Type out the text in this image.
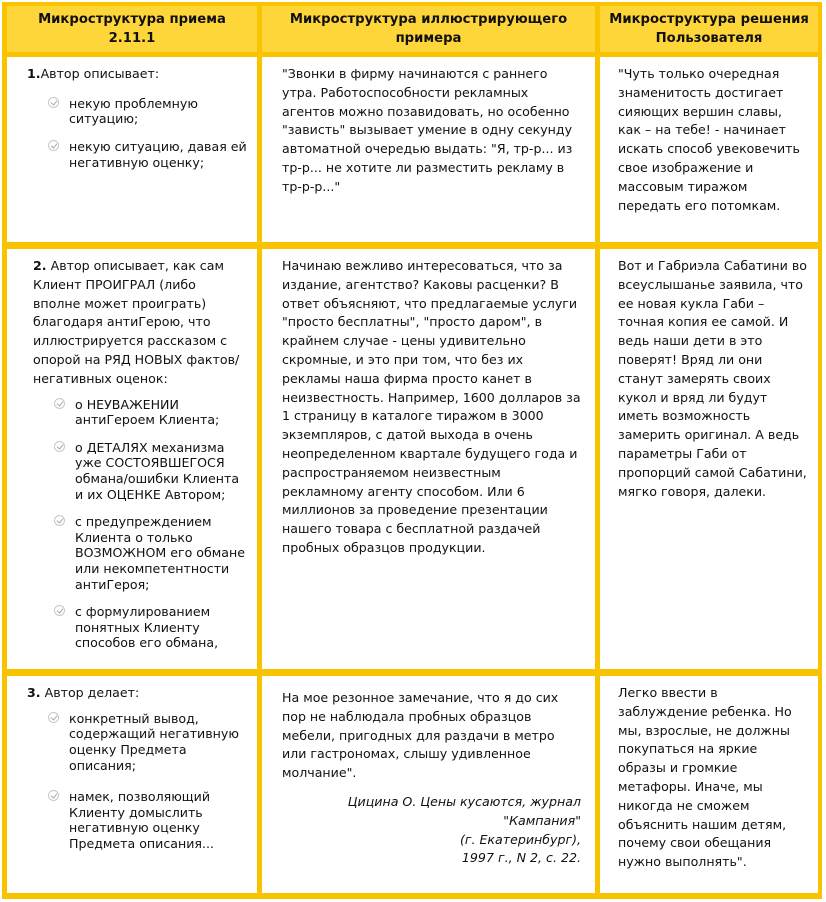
Микроструктура приема 2.11.1
Микроструктура иллюстрирующего примера
Микроструктура решения Пользователя

1.Автор описывает:

некую проблемную ситуацию;
некую ситуацию, давая ей негативную оценку;

"Звонки в фирму начинаются с раннего утра. Работоспособности рекламных агентов можно позавидовать, но особенно "зависть" вызывает умение в одну секунду автоматной очередью выдать: "Я, тр-р... из тр-р... не хотите ли разместить рекламу в тр-р-р..."

"Чуть только очередная знаменитость достигает сияющих вершин славы, как – на тебе! - начинает искать способ увековечить свое изображение и массовым тиражом передать его потомкам.

2. Автор описывает, как сам Клиент ПРОИГРАЛ (либо вполне может проиграть) благодаря антиГерою, что иллюстрируется рассказом с опорой на РЯД НОВЫХ фактов/негативных оценок:

о НЕУВАЖЕНИИ антиГероем Клиента;
о ДЕТАЛЯХ механизма уже СОСТОЯВШЕГОСЯ обмана/ошибки Клиента и их ОЦЕНКЕ Автором;
с предупреждением Клиента о только ВОЗМОЖНОМ его обмане или некомпетентности антиГероя;
с формулированием понятных Клиенту способов его обмана,

Начинаю вежливо интересоваться, что за издание, агентство? Каковы расценки? В ответ объясняют, что предлагаемые услуги "просто бесплатны", "просто даром", в крайнем случае - цены удивительно скромные, и это при том, что без их рекламы наша фирма просто канет в неизвестность. Например, 1600 долларов за 1 страницу в каталоге тиражом в 3000 экземпляров, с датой выхода в очень неопределенном квартале будущего года и распространяемом неизвестным рекламному агенту способом. Или 6 миллионов за проведение презентации нашего товара с бесплатной раздачей пробных образцов продукции.

Вот и Габриэла Сабатини во всеуслышанье заявила, что ее новая кукла Габи – точная копия ее самой. И ведь наши дети в это поверят! Вряд ли они станут замерять своих кукол и вряд ли будут иметь возможность замерить оригинал. А ведь параметры Габи от пропорций самой Сабатини, мягко говоря, далеки.

3. Автор делает:

конкретный вывод, содержащий негативную оценку Предмета описания;
намек, позволяющий Клиенту домыслить негативную оценку Предмета описания...

На мое резонное замечание, что я до сих пор не наблюдала пробных образцов мебели, пригодных для раздачи в метро или гастрономах, слышу удивленное молчание".

Цицина О. Цены кусаются, журнал "Кампания"
(г. Екатеринбург),
1997 г., N 2, с. 22.

Легко ввести в заблуждение ребенка. Но мы, взрослые, не должны покупаться на яркие образы и громкие метафоры. Иначе, мы никогда не сможем объяснить нашим детям, почему свои обещания нужно выполнять".
